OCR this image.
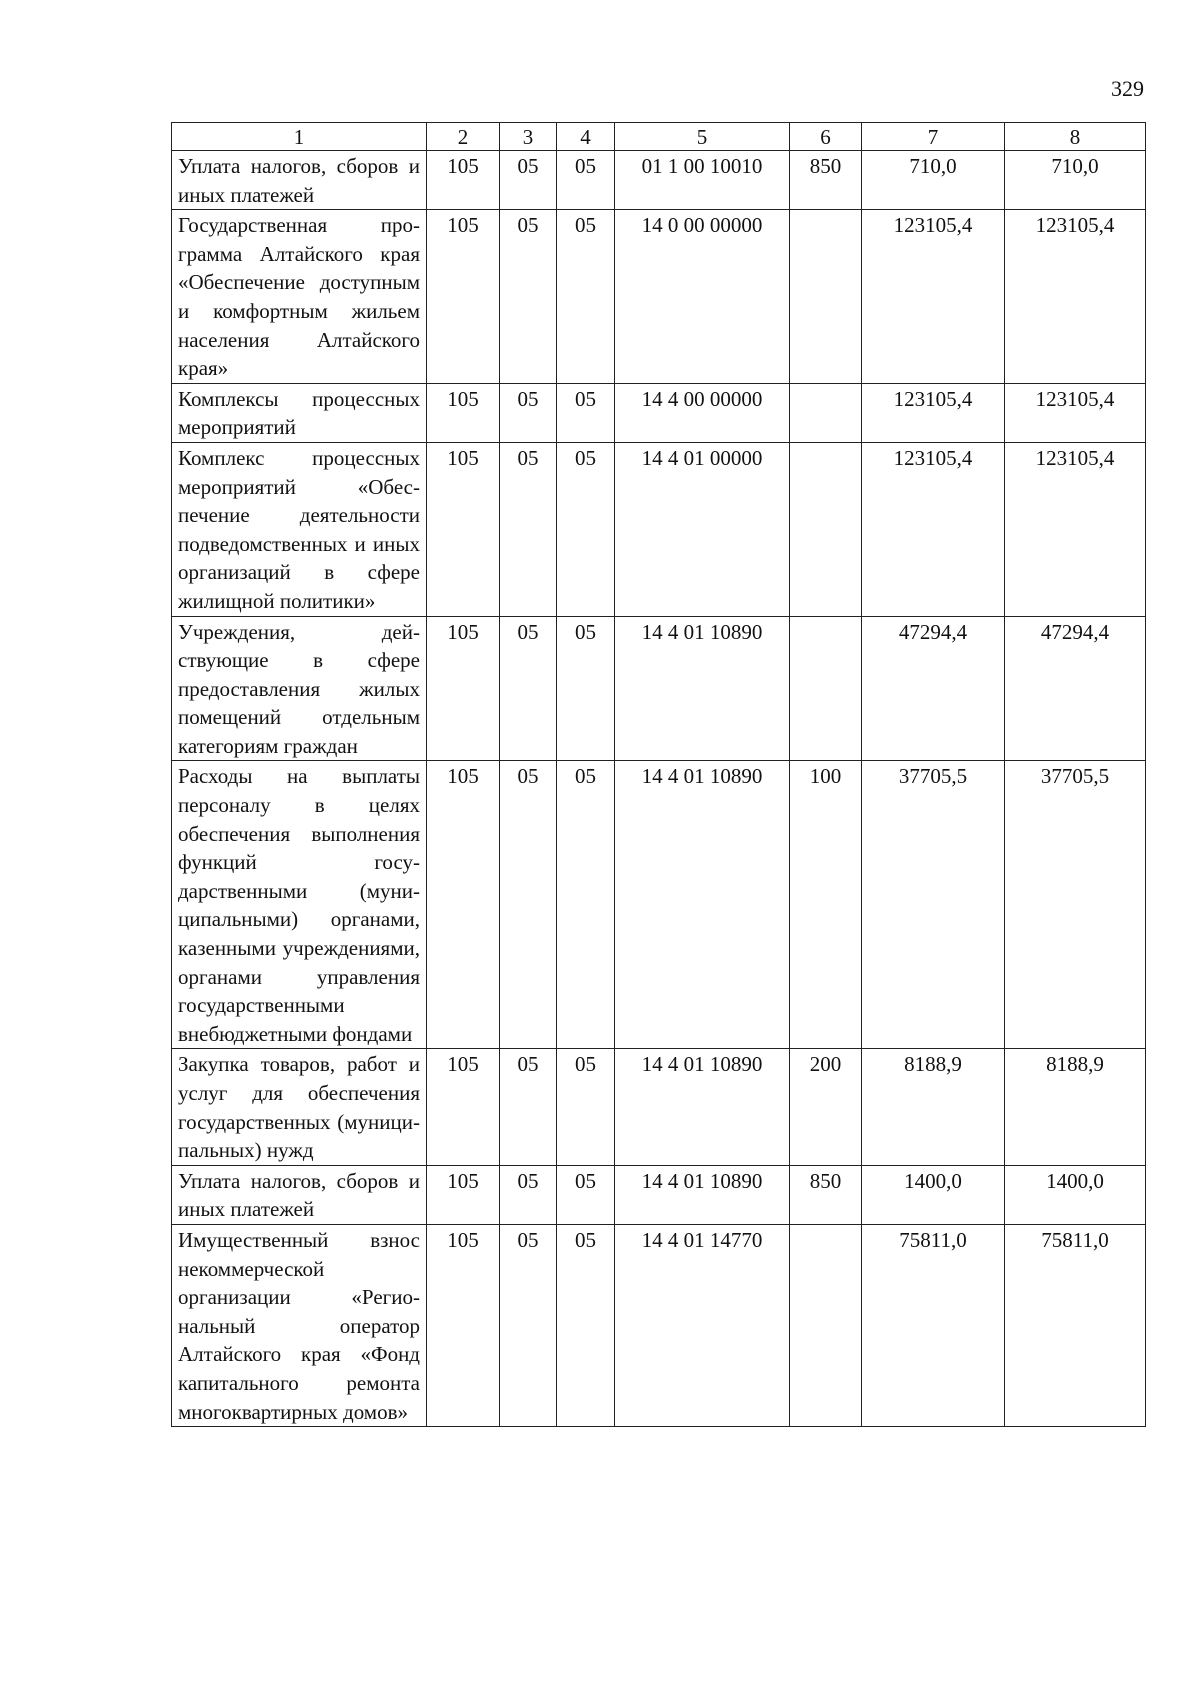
329
1	2	3	4	5	6	7	8
Уплата налогов, сборов и иных платежей	105	05	05	01 1 00 10010	850	710,0	710,0
Государственная программа Алтайского края «Обеспечение доступным и комфортным жильем населения Алтайского края»	105	05	05	14 0 00 00000		123105,4	123105,4
Комплексы процессных мероприятий	105	05	05	14 4 00 00000		123105,4	123105,4
Комплекс процессных мероприятий «Обеспечение деятельности подведомственных и иных организаций в сфере жилищной политики»	105	05	05	14 4 01 00000		123105,4	123105,4
Учреждения, действующие в сфере предоставления жилых помещений отдельным категориям граждан	105	05	05	14 4 01 10890		47294,4	47294,4
Расходы на выплаты персоналу в целях обеспечения выполнения функций государственными (муниципальными) органами, казенными учреждениями, органами управления государственными внебюджетными фондами	105	05	05	14 4 01 10890	100	37705,5	37705,5
Закупка товаров, работ и услуг для обеспечения государственных (муниципальных) нужд	105	05	05	14 4 01 10890	200	8188,9	8188,9
Уплата налогов, сборов и иных платежей	105	05	05	14 4 01 10890	850	1400,0	1400,0
Имущественный взнос некоммерческой организации «Региональный оператор Алтайского края «Фонд капитального ремонта многоквартирных домов»	105	05	05	14 4 01 14770		75811,0	75811,0
